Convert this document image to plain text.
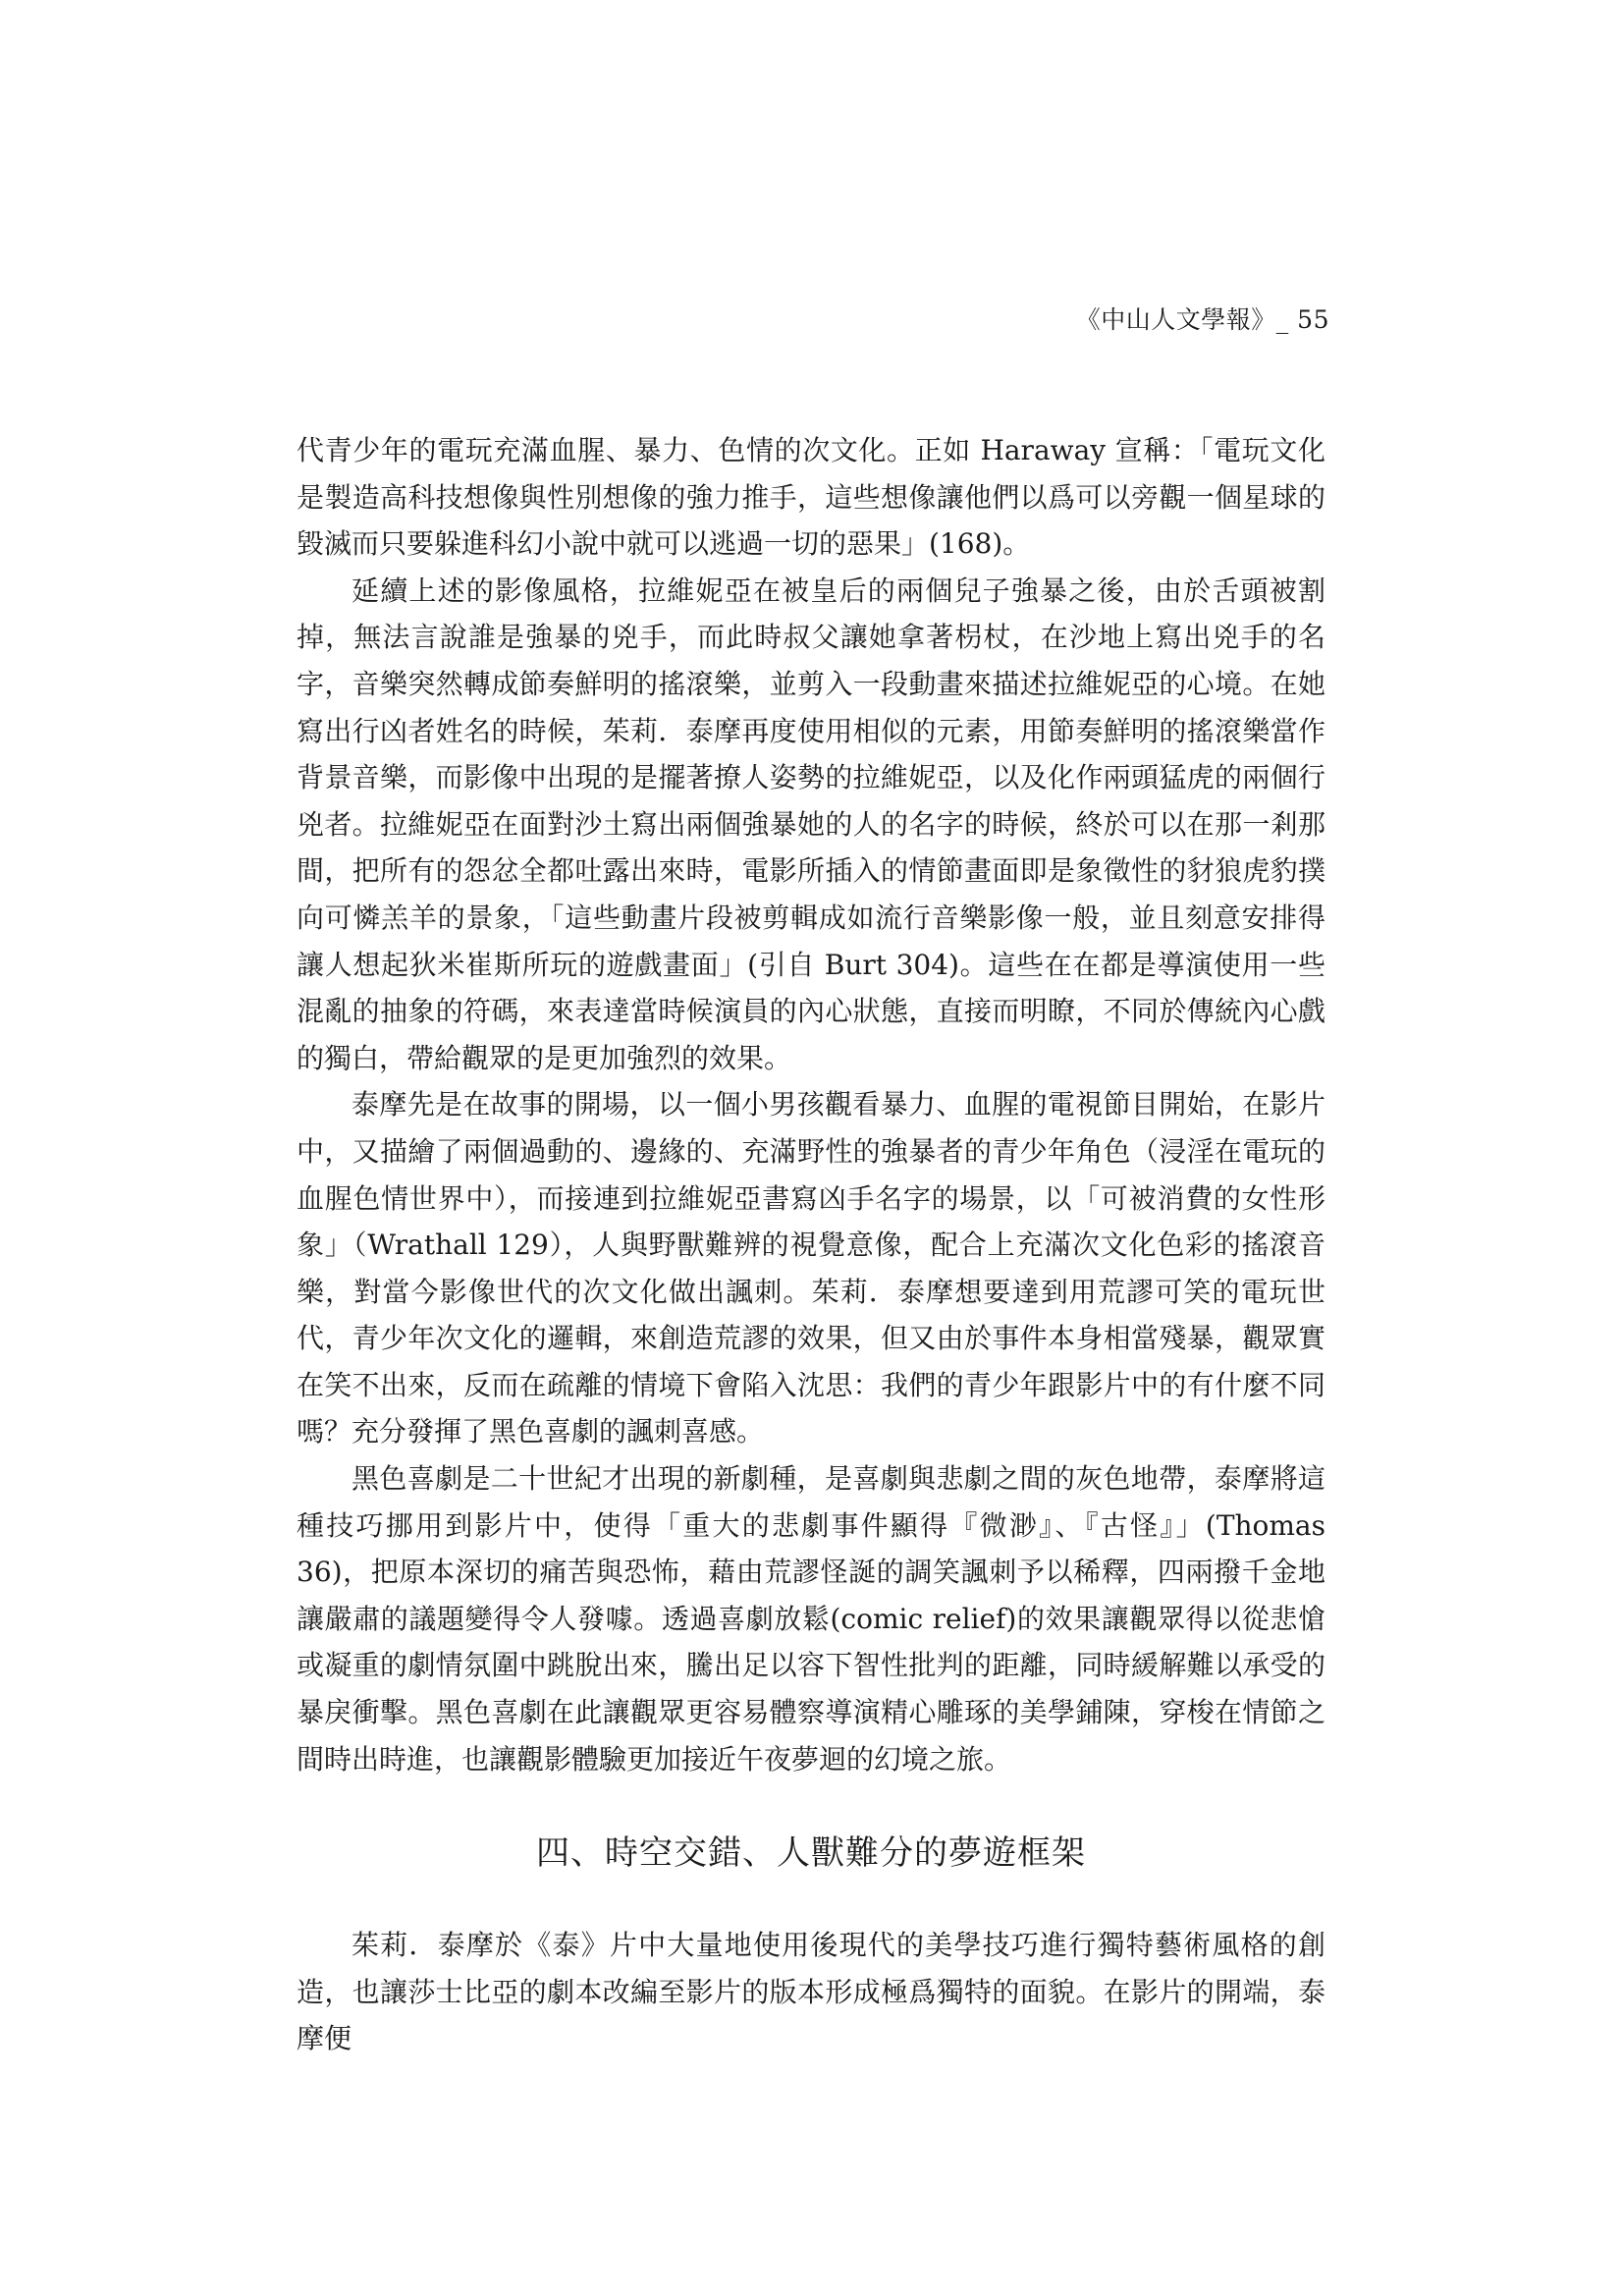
《中山人文學報》_ 55

代青少年的電玩充滿血腥、暴力、色情的次文化。正如 Haraway 宣稱：「電玩文化是製造高科技想像與性別想像的強力推手，這些想像讓他們以爲可以旁觀一個星球的毀滅而只要躲進科幻小說中就可以逃過一切的惡果」(168)。

延續上述的影像風格，拉維妮亞在被皇后的兩個兒子強暴之後，由於舌頭被割掉，無法言說誰是強暴的兇手，而此時叔父讓她拿著枴杖，在沙地上寫出兇手的名字，音樂突然轉成節奏鮮明的搖滾樂，並剪入一段動畫來描述拉維妮亞的心境。在她寫出行凶者姓名的時候，茱莉．泰摩再度使用相似的元素，用節奏鮮明的搖滾樂當作背景音樂，而影像中出現的是擺著撩人姿勢的拉維妮亞，以及化作兩頭猛虎的兩個行兇者。拉維妮亞在面對沙土寫出兩個強暴她的人的名字的時候，終於可以在那一剎那間，把所有的怨忿全都吐露出來時，電影所插入的情節畫面即是象徵性的豺狼虎豹撲向可憐羔羊的景象，「這些動畫片段被剪輯成如流行音樂影像一般，並且刻意安排得讓人想起狄米崔斯所玩的遊戲畫面」(引自 Burt 304)。這些在在都是導演使用一些混亂的抽象的符碼，來表達當時候演員的內心狀態，直接而明瞭，不同於傳統內心戲的獨白，帶給觀眾的是更加強烈的效果。

泰摩先是在故事的開場，以一個小男孩觀看暴力、血腥的電視節目開始，在影片中，又描繪了兩個過動的、邊緣的、充滿野性的強暴者的青少年角色（浸淫在電玩的血腥色情世界中），而接連到拉維妮亞書寫凶手名字的場景，以「可被消費的女性形象」（Wrathall 129），人與野獸難辨的視覺意像，配合上充滿次文化色彩的搖滾音樂，對當今影像世代的次文化做出諷刺。茱莉．泰摩想要達到用荒謬可笑的電玩世代，青少年次文化的邏輯，來創造荒謬的效果，但又由於事件本身相當殘暴，觀眾實在笑不出來，反而在疏離的情境下會陷入沈思：我們的青少年跟影片中的有什麼不同嗎？充分發揮了黑色喜劇的諷刺喜感。

黑色喜劇是二十世紀才出現的新劇種，是喜劇與悲劇之間的灰色地帶，泰摩將這種技巧挪用到影片中，使得「重大的悲劇事件顯得『微渺』、『古怪』」(Thomas 36)，把原本深切的痛苦與恐怖，藉由荒謬怪誕的調笑諷刺予以稀釋，四兩撥千金地讓嚴肅的議題變得令人發噱。透過喜劇放鬆(comic relief)的效果讓觀眾得以從悲愴或凝重的劇情氛圍中跳脫出來，騰出足以容下智性批判的距離，同時緩解難以承受的暴戾衝擊。黑色喜劇在此讓觀眾更容易體察導演精心雕琢的美學鋪陳，穿梭在情節之間時出時進，也讓觀影體驗更加接近午夜夢迴的幻境之旅。

四、時空交錯、人獸難分的夢遊框架

茱莉．泰摩於《泰》片中大量地使用後現代的美學技巧進行獨特藝術風格的創造，也讓莎士比亞的劇本改編至影片的版本形成極爲獨特的面貌。在影片的開端，泰摩便
